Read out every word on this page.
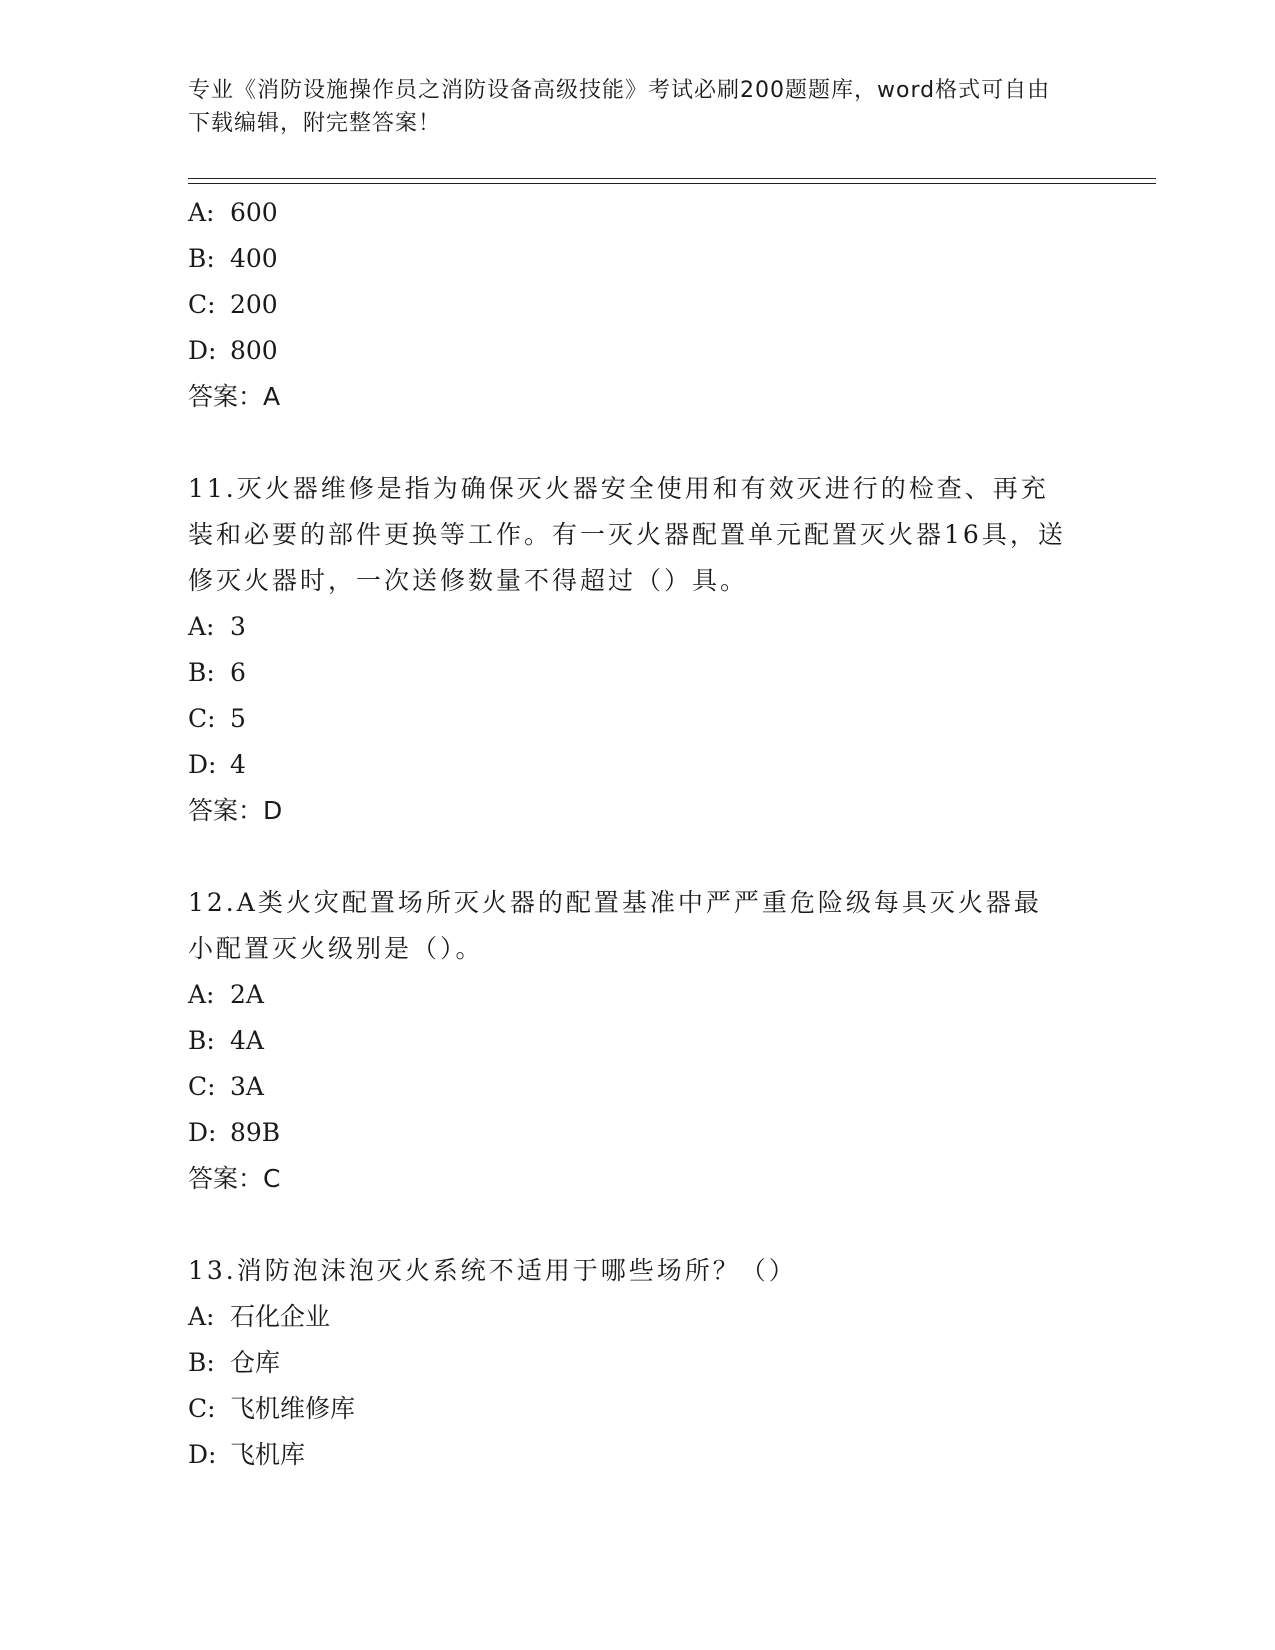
专业《消防设施操作员之消防设备高级技能》考试必刷200题题库，word格式可自由下载编辑，附完整答案！
A: 600
B: 400
C: 200
D: 800
答案：A
11.灭火器维修是指为确保灭火器安全使用和有效灭进行的检查、再充装和必要的部件更换等工作。有一灭火器配置单元配置灭火器16具，送修灭火器时，一次送修数量不得超过（）具。
A: 3
B: 6
C: 5
D: 4
答案：D
12.A类火灾配置场所灭火器的配置基准中严严重危险级每具灭火器最小配置灭火级别是（）。
A: 2A
B: 4A
C: 3A
D: 89B
答案：C
13.消防泡沫泡灭火系统不适用于哪些场所？（）
A: 石化企业
B: 仓库
C: 飞机维修库
D: 飞机库
